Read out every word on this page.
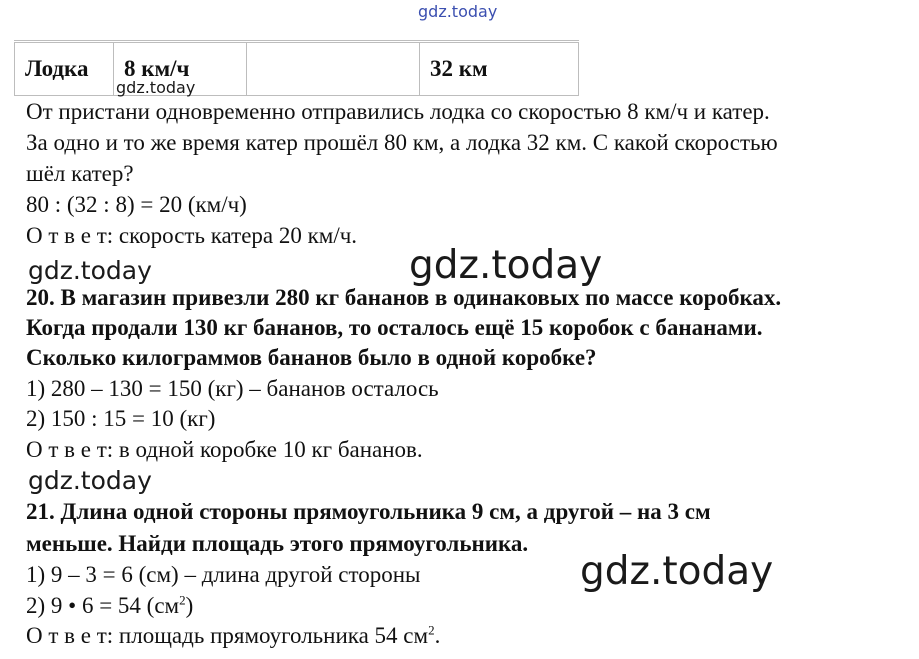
gdz.today
Лодка	8 км/ч		32 км
gdz.today
От пристани одновременно отправились лодка со скоростью 8 км/ч и катер.
За одно и то же время катер прошёл 80 км, а лодка 32 км. С какой скоростью
шёл катер?
80 : (32 : 8) = 20 (км/ч)
О т в е т: скорость катера 20 км/ч.
gdz.today	gdz.today
20. В магазин привезли 280 кг бананов в одинаковых по массе коробках.
Когда продали 130 кг бананов, то осталось ещё 15 коробок с бананами.
Сколько килограммов бананов было в одной коробке?
1) 280 – 130 = 150 (кг) – бананов осталось
2) 150 : 15 = 10 (кг)
О т в е т: в одной коробке 10 кг бананов.
gdz.today
21. Длина одной стороны прямоугольника 9 см, а другой – на 3 см
меньше. Найди площадь этого прямоугольника.
1) 9 – 3 = 6 (см) – длина другой стороны	gdz.today
2) 9 • 6 = 54 $(см^2)$
О т в е т: площадь прямоугольника 54 $см^2$.
